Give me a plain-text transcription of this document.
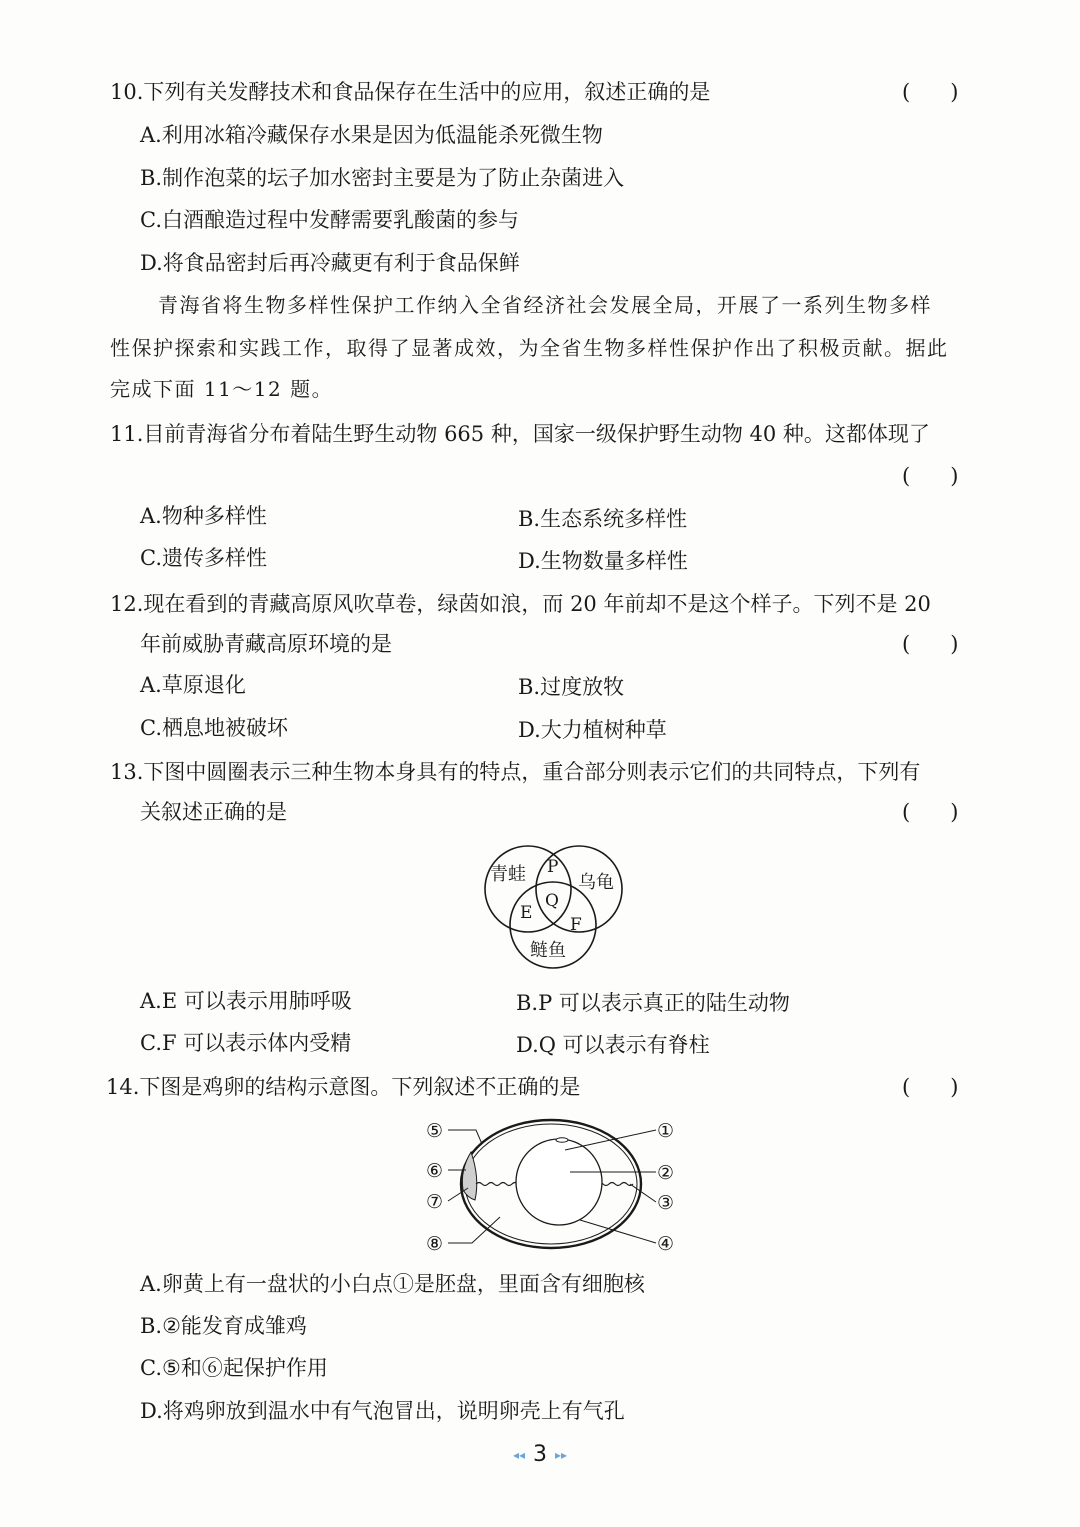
10.下列有关发酵技术和食品保存在生活中的应用，叙述正确的是	(      )
A.利用冰箱冷藏保存水果是因为低温能杀死微生物
B.制作泡菜的坛子加水密封主要是为了防止杂菌进入
C.白酒酿造过程中发酵需要乳酸菌的参与
D.将食品密封后再冷藏更有利于食品保鲜
青海省将生物多样性保护工作纳入全省经济社会发展全局，开展了一系列生物多样
性保护探索和实践工作，取得了显著成效，为全省生物多样性保护作出了积极贡献。据此
完成下面 11～12 题。
11.目前青海省分布着陆生野生动物 665 种，国家一级保护野生动物 40 种。这都体现了
(      )
A.物种多样性	B.生态系统多样性
C.遗传多样性	D.生物数量多样性
12.现在看到的青藏高原风吹草卷，绿茵如浪，而 20 年前却不是这个样子。下列不是 20
年前威胁青藏高原环境的是	(      )
A.草原退化	B.过度放牧
C.栖息地被破坏	D.大力植树种草
13.下图中圆圈表示三种生物本身具有的特点，重合部分则表示它们的共同特点，下列有
关叙述正确的是	(      )
青蛙	乌龟
鲢鱼
P
Q
E
F
A.E 可以表示用肺呼吸	B.P 可以表示真正的陆生动物
C.F 可以表示体内受精	D.Q 可以表示有脊柱
14.下图是鸡卵的结构示意图。下列叙述不正确的是	(      )
①
②
③
④
⑤
⑥
⑦
⑧
A.卵黄上有一盘状的小白点①是胚盘，里面含有细胞核
B.②能发育成雏鸡
C.⑤和⑥起保护作用
D.将鸡卵放到温水中有气泡冒出，说明卵壳上有气孔
◂◂ 3 ▸▸
